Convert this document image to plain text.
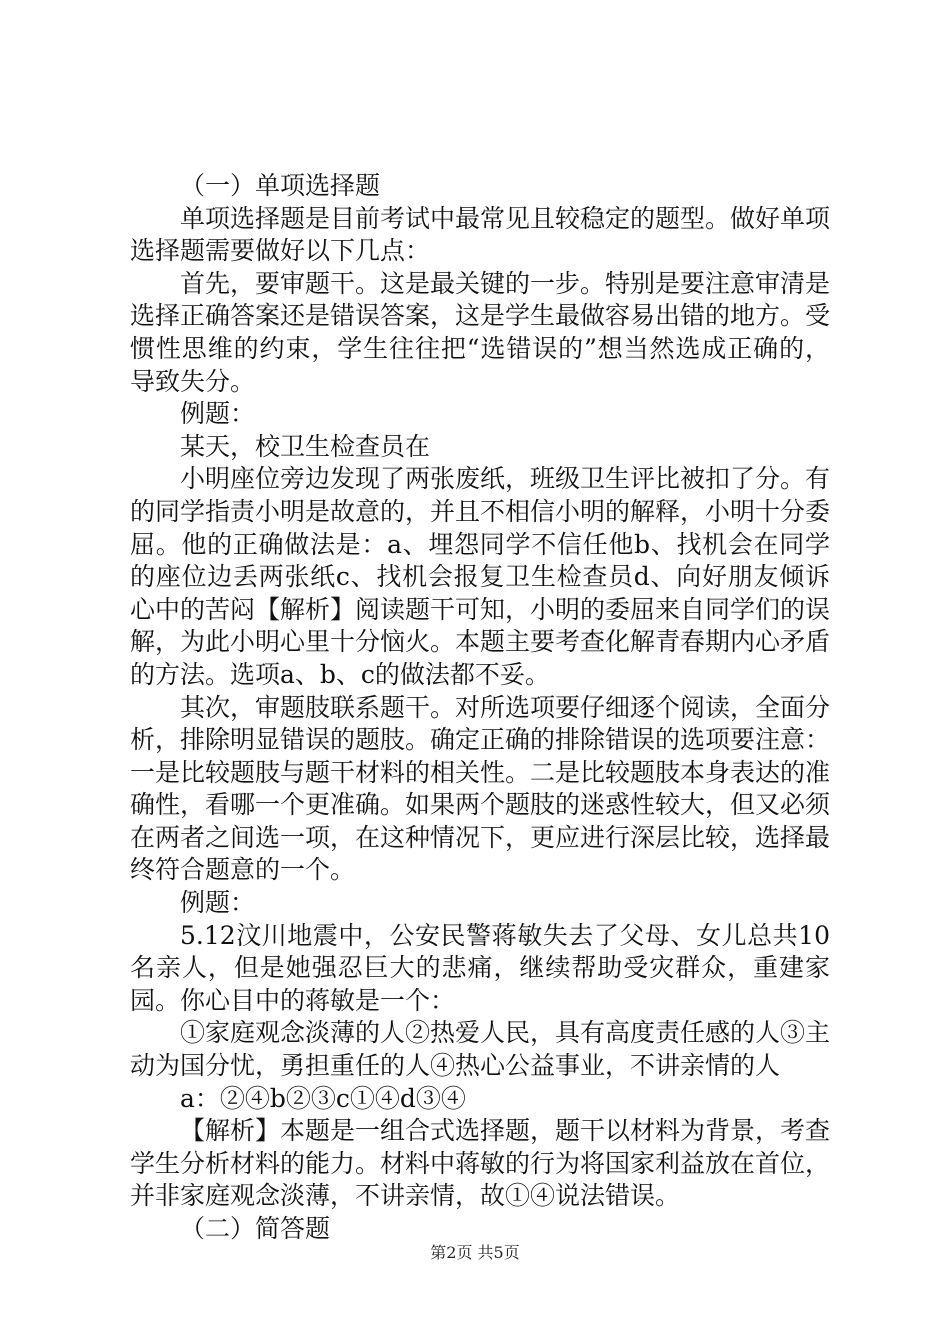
（一）单项选择题

单项选择题是目前考试中最常见且较稳定的题型。做好单项选择题需要做好以下几点：

首先，要审题干。这是最关键的一步。特别是要注意审清是选择正确答案还是错误答案，这是学生最做容易出错的地方。受惯性思维的约束，学生往往把“选错误的”想当然选成正确的，导致失分。

例题：

某天，校卫生检查员在

小明座位旁边发现了两张废纸，班级卫生评比被扣了分。有的同学指责小明是故意的，并且不相信小明的解释，小明十分委屈。他的正确做法是：a、埋怨同学不信任他b、找机会在同学的座位边丢两张纸c、找机会报复卫生检查员d、向好朋友倾诉心中的苦闷【解析】阅读题干可知，小明的委屈来自同学们的误解，为此小明心里十分恼火。本题主要考查化解青春期内心矛盾的方法。选项a、b、c的做法都不妥。

其次，审题肢联系题干。对所选项要仔细逐个阅读，全面分析，排除明显错误的题肢。确定正确的排除错误的选项要注意：一是比较题肢与题干材料的相关性。二是比较题肢本身表达的准确性，看哪一个更准确。如果两个题肢的迷惑性较大，但又必须在两者之间选一项，在这种情况下，更应进行深层比较，选择最终符合题意的一个。

例题：

5.12汶川地震中，公安民警蒋敏失去了父母、女儿总共10名亲人，但是她强忍巨大的悲痛，继续帮助受灾群众，重建家园。你心目中的蒋敏是一个：

①家庭观念淡薄的人②热爱人民，具有高度责任感的人③主动为国分忧，勇担重任的人④热心公益事业，不讲亲情的人

a：②④b②③c①④d③④

【解析】本题是一组合式选择题，题干以材料为背景，考查学生分析材料的能力。材料中蒋敏的行为将国家利益放在首位，并非家庭观念淡薄，不讲亲情，故①④说法错误。

（二）简答题

第2页 共5页
